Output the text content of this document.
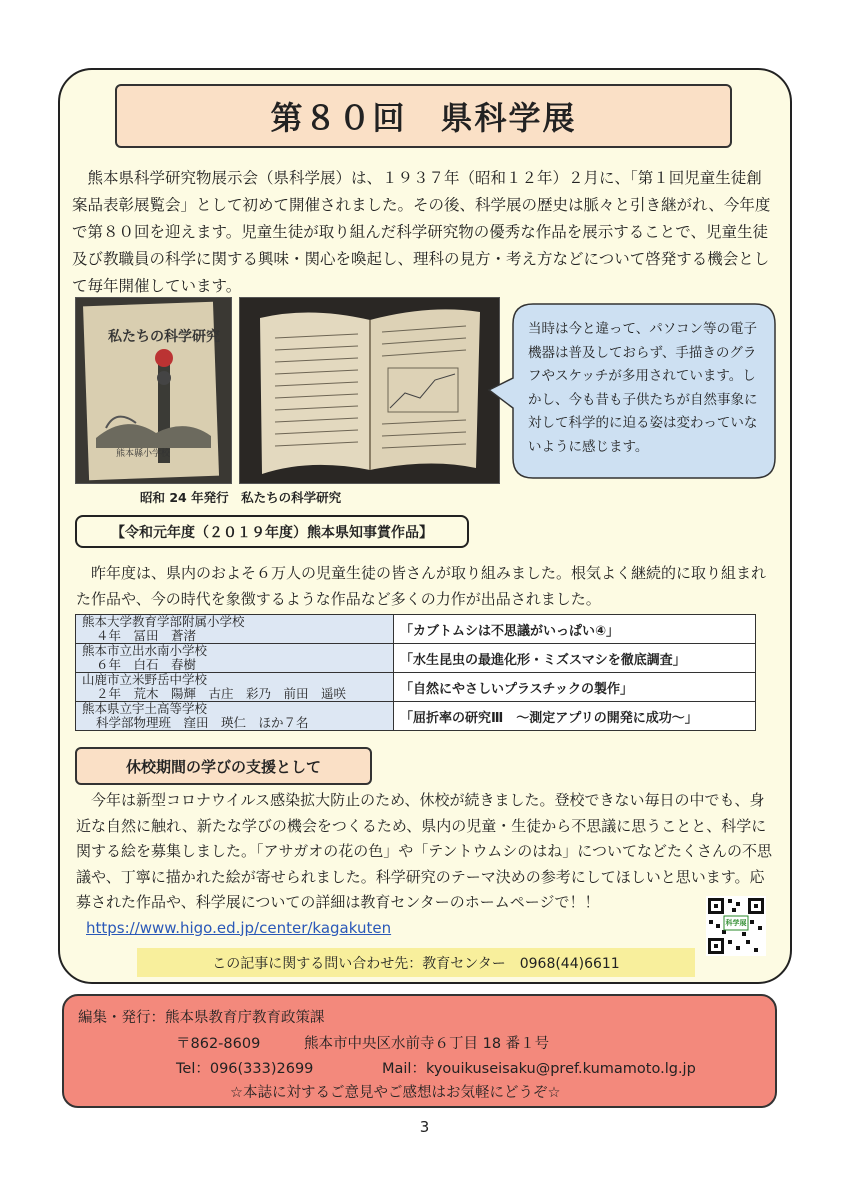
第８０回　県科学展

熊本県科学研究物展示会（県科学展）は、１９３７年（昭和１２年）２月に、「第１回児童生徒創案品表彰展覧会」として初めて開催されました。その後、科学展の歴史は脈々と引き継がれ、今年度で第８０回を迎えます。児童生徒が取り組んだ科学研究物の優秀な作品を展示することで、児童生徒及び教職員の科学に関する興味・関心を喚起し、理科の見方・考え方などについて啓発する機会として毎年開催しています。

私たちの科学研究
熊本縣小学校
昭和 24 年発行　私たちの科学研究

当時は今と違って、パソコン等の電子機器は普及しておらず、手描きのグラフやスケッチが多用されています。しかし、今も昔も子供たちが自然事象に対して科学的に迫る姿は変わっていないように感じます。

【令和元年度（２０１９年度）熊本県知事賞作品】

昨年度は、県内のおよそ６万人の児童生徒の皆さんが取り組みました。根気よく継続的に取り組まれた作品や、今の時代を象徴するような作品など多くの力作が出品されました。

熊本大学教育学部附属小学校
４年　冨田　蒼渚	「カブトムシは不思議がいっぱい④」

熊本市立出水南小学校
６年　白石　春樹	「水生昆虫の最進化形・ミズスマシを徹底調査」

山鹿市立米野岳中学校
２年　荒木　陽輝　古庄　彩乃　前田　遥咲	「自然にやさしいプラスチックの製作」

熊本県立宇土高等学校
科学部物理班　窪田　瑛仁　ほか７名	「屈折率の研究Ⅲ　～測定アプリの開発に成功～」
休校期間の学びの支援として

今年は新型コロナウイルス感染拡大防止のため、休校が続きました。登校できない毎日の中でも、身近な自然に触れ、新たな学びの機会をつくるため、県内の児童・生徒から不思議に思うことと、科学に関する絵を募集しました。「アサガオの花の色」や「テントウムシのはね」についてなどたくさんの不思議や、丁寧に描かれた絵が寄せられました。科学研究のテーマ決めの参考にしてほしいと思います。応募された作品や、科学展についての詳細は教育センターのホームページで！！https://www.higo.ed.jp/center/kagakuten	科学展
この記事に関する問い合わせ先：教育センター　0968(44)6611
編集・発行：熊本県教育庁教育政策課
〒862-8609	熊本市中央区水前寺６丁目 18 番１号
Tel：096(333)2699	Mail：kyouikuseisaku@pref.kumamoto.lg.jp
☆本誌に対するご意見やご感想はお気軽にどうぞ☆
3
